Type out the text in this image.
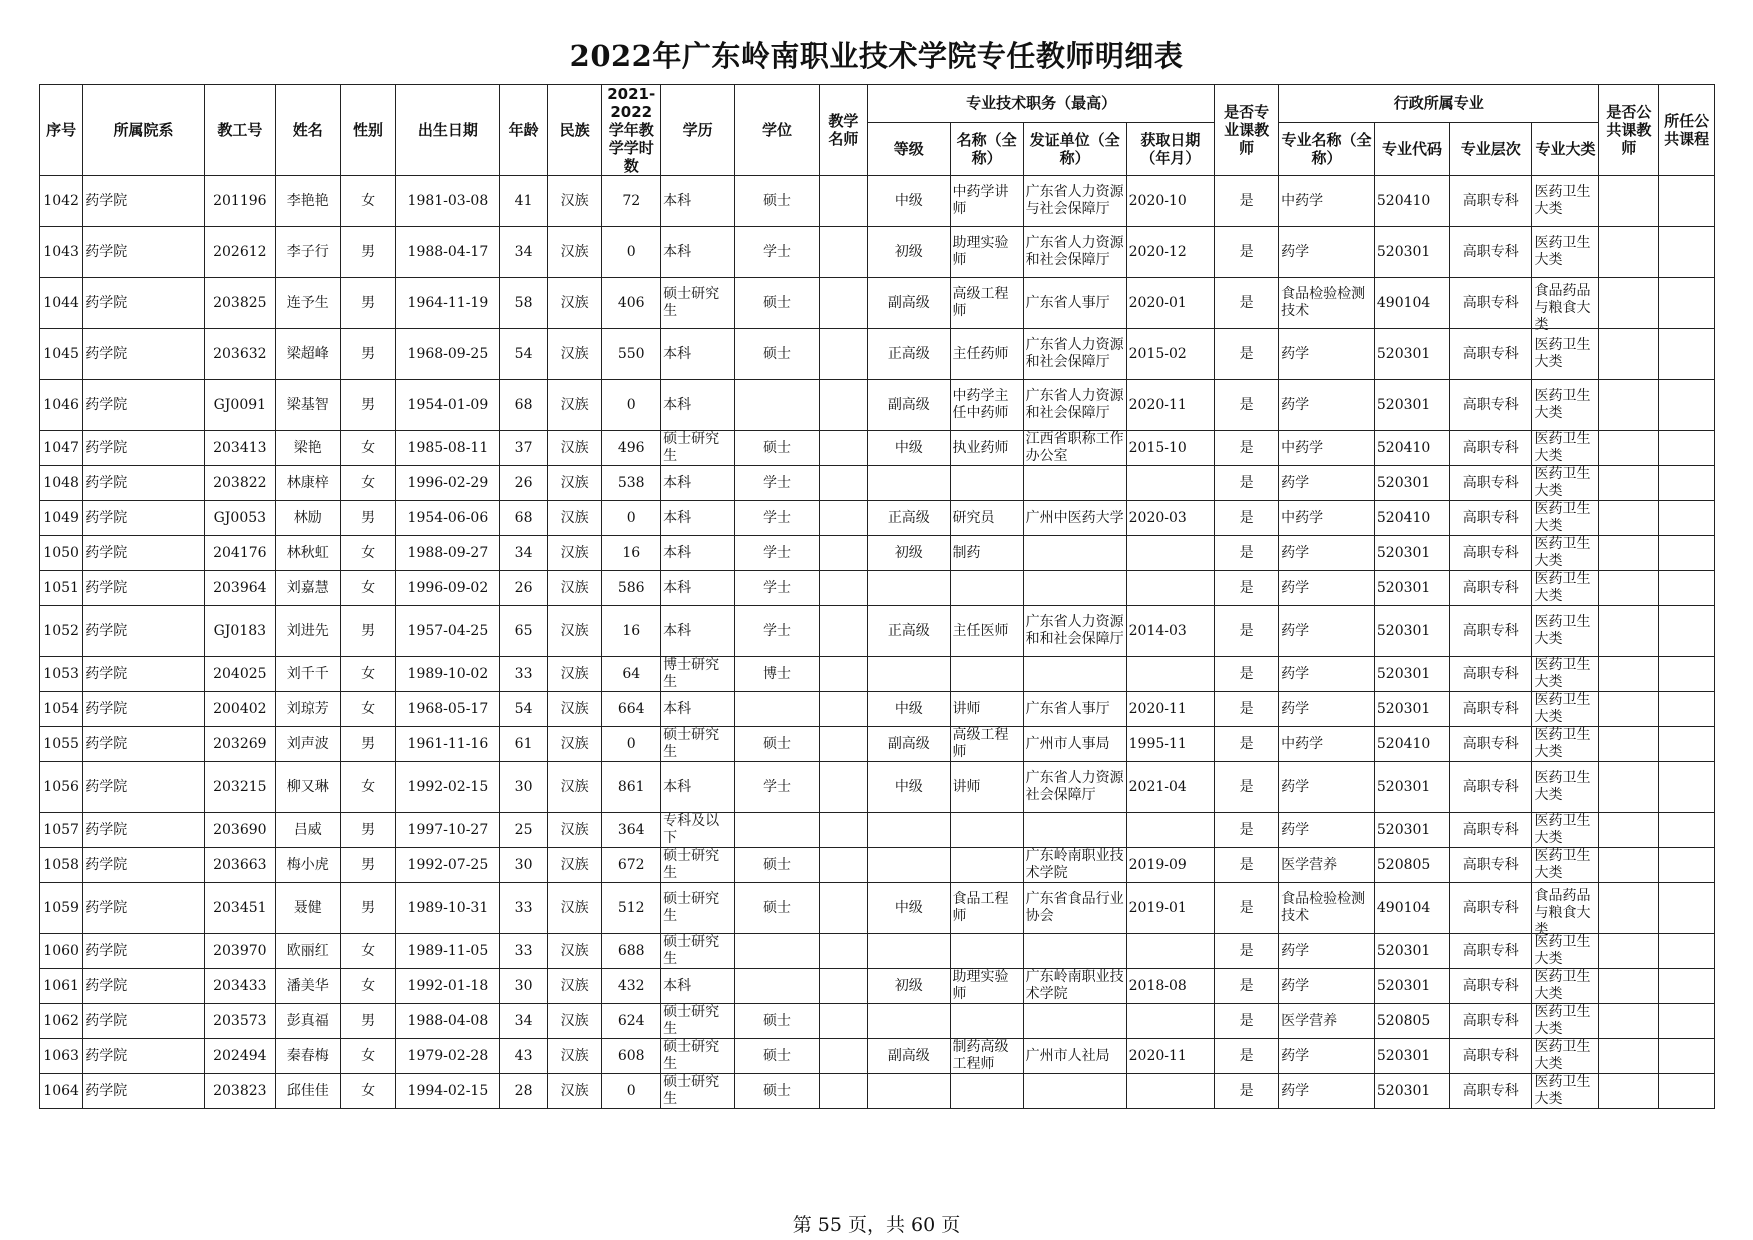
2022年广东岭南职业技术学院专任教师明细表
序号	所属院系	教工号	姓名	性别	出生日期	年龄	民族	2021-2022学年教学学时数	学历	学位	教学名师	专业技术职务（最高）				是否专业课教师	行政所属专业				是否公共课教师	所任公共课程
												等级	名称（全称）	发证单位（全称）	获取日期（年月）		专业名称（全称）	专业代码	专业层次	专业大类		
1042	药学院	201196	李艳艳	女	1981-03-08	41	汉族	72	本科	硕士		中级	中药学讲师	广东省人力资源与社会保障厅	2020-10	是	中药学	520410	高职专科	医药卫生大类		

1043	药学院	202612	李子行	男	1988-04-17	34	汉族	0	本科	学士		初级	助理实验师	广东省人力资源和社会保障厅	2020-12	是	药学	520301	高职专科	医药卫生大类		

1044	药学院	203825	连予生	男	1964-11-19	58	汉族	406	硕士研究生	硕士		副高级	高级工程师	广东省人事厅	2020-01	是	食品检验检测技术	490104	高职专科	食品药品与粮食大类		

1045	药学院	203632	梁超峰	男	1968-09-25	54	汉族	550	本科	硕士		正高级	主任药师	广东省人力资源和社会保障厅	2015-02	是	药学	520301	高职专科	医药卫生大类		

1046	药学院	GJ0091	梁基智	男	1954-01-09	68	汉族	0	本科			副高级	中药学主任中药师	广东省人力资源和社会保障厅	2020-11	是	药学	520301	高职专科	医药卫生大类		

1047	药学院	203413	梁艳	女	1985-08-11	37	汉族	496	硕士研究生	硕士		中级	执业药师	江西省职称工作办公室	2015-10	是	中药学	520410	高职专科	医药卫生大类		

1048	药学院	203822	林康梓	女	1996-02-29	26	汉族	538	本科	学士						是	药学	520301	高职专科	医药卫生大类		

1049	药学院	GJ0053	林励	男	1954-06-06	68	汉族	0	本科	学士		正高级	研究员	广州中医药大学	2020-03	是	中药学	520410	高职专科	医药卫生大类		

1050	药学院	204176	林秋虹	女	1988-09-27	34	汉族	16	本科	学士		初级	制药			是	药学	520301	高职专科	医药卫生大类		

1051	药学院	203964	刘嘉慧	女	1996-09-02	26	汉族	586	本科	学士						是	药学	520301	高职专科	医药卫生大类		

1052	药学院	GJ0183	刘进先	男	1957-04-25	65	汉族	16	本科	学士		正高级	主任医师	广东省人力资源和和社会保障厅	2014-03	是	药学	520301	高职专科	医药卫生大类		

1053	药学院	204025	刘千千	女	1989-10-02	33	汉族	64	博士研究生	博士						是	药学	520301	高职专科	医药卫生大类		

1054	药学院	200402	刘琼芳	女	1968-05-17	54	汉族	664	本科			中级	讲师	广东省人事厅	2020-11	是	药学	520301	高职专科	医药卫生大类		

1055	药学院	203269	刘声波	男	1961-11-16	61	汉族	0	硕士研究生	硕士		副高级	高级工程师	广州市人事局	1995-11	是	中药学	520410	高职专科	医药卫生大类		

1056	药学院	203215	柳又琳	女	1992-02-15	30	汉族	861	本科	学士		中级	讲师	广东省人力资源社会保障厅	2021-04	是	药学	520301	高职专科	医药卫生大类		

1057	药学院	203690	吕威	男	1997-10-27	25	汉族	364	专科及以下							是	药学	520301	高职专科	医药卫生大类		

1058	药学院	203663	梅小虎	男	1992-07-25	30	汉族	672	硕士研究生	硕士				广东岭南职业技术学院	2019-09	是	医学营养	520805	高职专科	医药卫生大类		

1059	药学院	203451	聂健	男	1989-10-31	33	汉族	512	硕士研究生	硕士		中级	食品工程师	广东省食品行业协会	2019-01	是	食品检验检测技术	490104	高职专科	食品药品与粮食大类		

1060	药学院	203970	欧丽红	女	1989-11-05	33	汉族	688	硕士研究生							是	药学	520301	高职专科	医药卫生大类		

1061	药学院	203433	潘美华	女	1992-01-18	30	汉族	432	本科			初级	助理实验师	广东岭南职业技术学院	2018-08	是	药学	520301	高职专科	医药卫生大类		

1062	药学院	203573	彭真福	男	1988-04-08	34	汉族	624	硕士研究生	硕士						是	医学营养	520805	高职专科	医药卫生大类		

1063	药学院	202494	秦春梅	女	1979-02-28	43	汉族	608	硕士研究生	硕士		副高级	制药高级工程师	广州市人社局	2020-11	是	药学	520301	高职专科	医药卫生大类		

1064	药学院	203823	邱佳佳	女	1994-02-15	28	汉族	0	硕士研究生	硕士						是	药学	520301	高职专科	医药卫生大类		

第 55 页，共 60 页
